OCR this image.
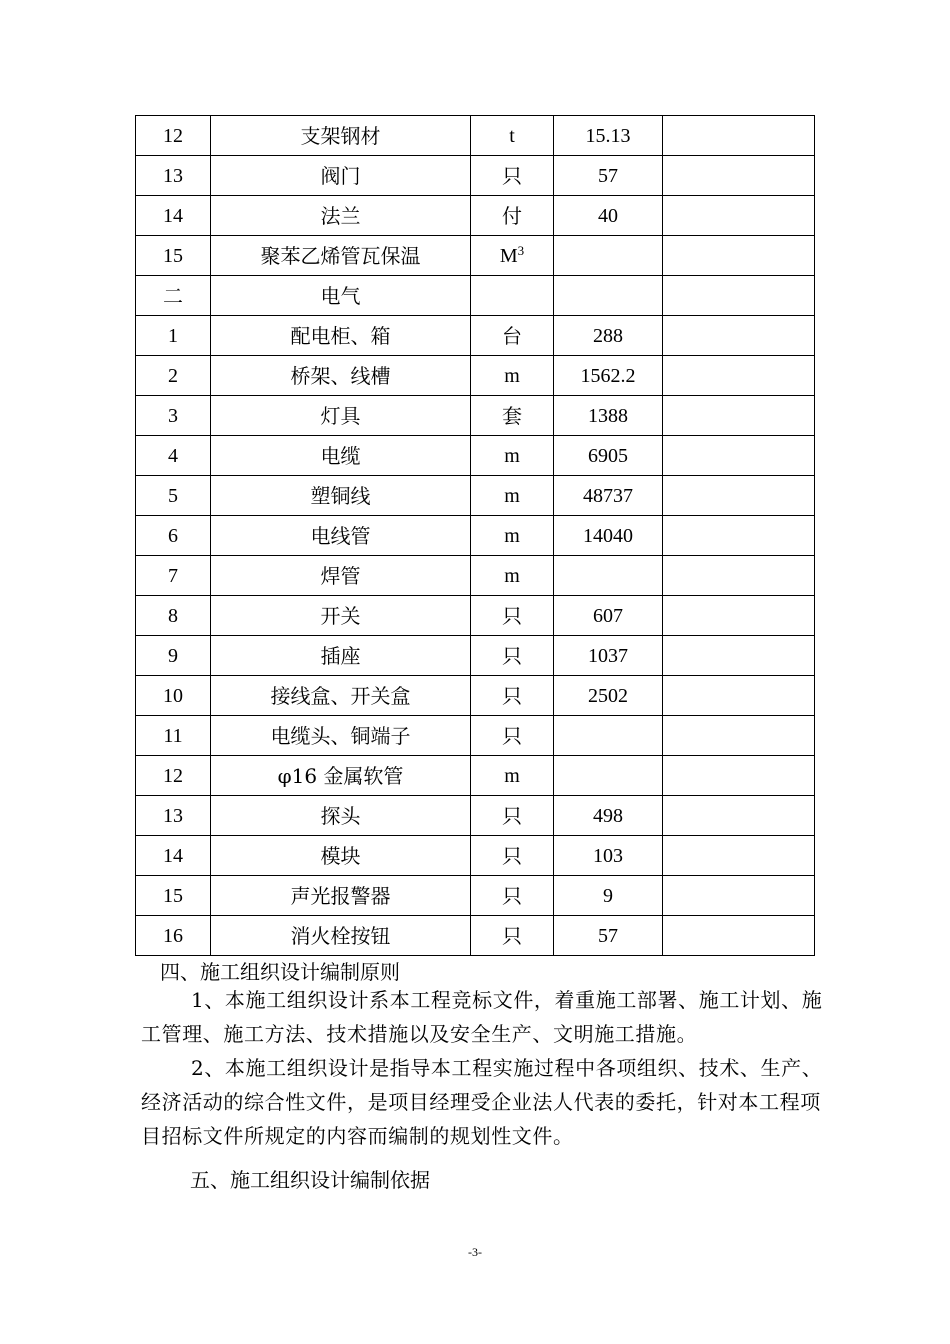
12	支架钢材	t	15.13	
13	阀门	只	57	
14	法兰	付	40	
15	聚苯乙烯管瓦保温	$M^3$		
二	电气			
1	配电柜、箱	台	288	
2	桥架、线槽	m	1562.2	
3	灯具	套	1388	
4	电缆	m	6905	
5	塑铜线	m	48737	
6	电线管	m	14040	
7	焊管	m		
8	开关	只	607	
9	插座	只	1037	
10	接线盒、开关盒	只	2502	
11	电缆头、铜端子	只		
12	φ16 金属软管	m		
13	探头	只	498	
14	模块	只	103	
15	声光报警器	只	9	
16	消火栓按钮	只	57	
四、施工组织设计编制原则
1、本施工组织设计系本工程竞标文件，着重施工部署、施工计划、施工管理、施工方法、技术措施以及安全生产、文明施工措施。
2、本施工组织设计是指导本工程实施过程中各项组织、技术、生产、经济活动的综合性文件，是项目经理受企业法人代表的委托，针对本工程项目招标文件所规定的内容而编制的规划性文件。
五、施工组织设计编制依据
-3-
